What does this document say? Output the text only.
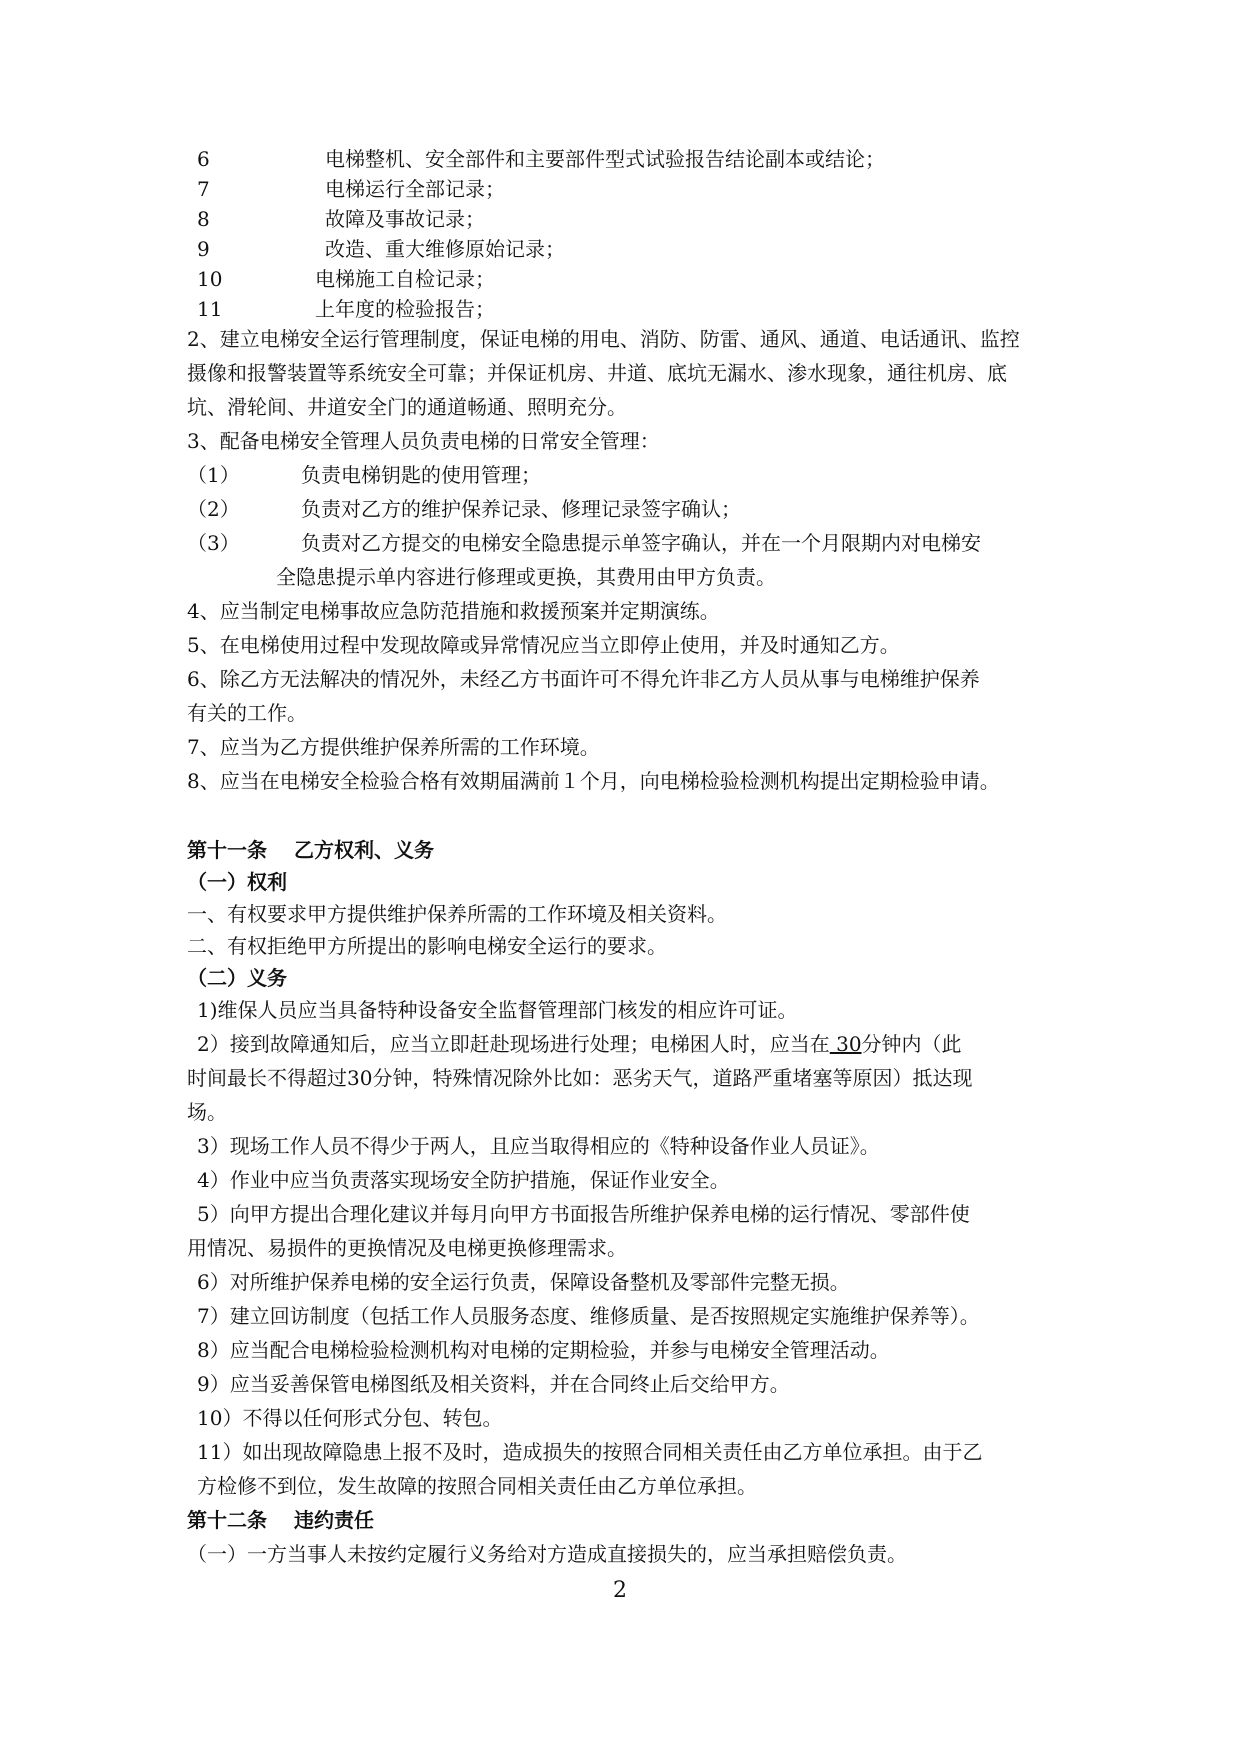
6	电梯整机、安全部件和主要部件型式试验报告结论副本或结论；
7	电梯运行全部记录；
8	故障及事故记录；
9	改造、重大维修原始记录；
10	电梯施工自检记录；
11	上年度的检验报告；
2、建立电梯安全运行管理制度，保证电梯的用电、消防、防雷、通风、通道、电话通讯、监控
摄像和报警装置等系统安全可靠；并保证机房、井道、底坑无漏水、渗水现象，通往机房、底
坑、滑轮间、井道安全门的通道畅通、照明充分。
3、配备电梯安全管理人员负责电梯的日常安全管理：
（1）	负责电梯钥匙的使用管理；
（2）	负责对乙方的维护保养记录、修理记录签字确认；
（3）	负责对乙方提交的电梯安全隐患提示单签字确认，并在一个月限期内对电梯安
全隐患提示单内容进行修理或更换，其费用由甲方负责。
4、应当制定电梯事故应急防范措施和救援预案并定期演练。
5、在电梯使用过程中发现故障或异常情况应当立即停止使用，并及时通知乙方。
6、除乙方无法解决的情况外，未经乙方书面许可不得允许非乙方人员从事与电梯维护保养
有关的工作。
7、应当为乙方提供维护保养所需的工作环境。
8、应当在电梯安全检验合格有效期届满前１个月，向电梯检验检测机构提出定期检验申请。
第十一条　 乙方权利、义务
（一）权利
一、有权要求甲方提供维护保养所需的工作环境及相关资料。
二、有权拒绝甲方所提出的影响电梯安全运行的要求。
（二）义务
1)维保人员应当具备特种设备安全监督管理部门核发的相应许可证。
2）接到故障通知后，应当立即赶赴现场进行处理；电梯困人时，应当在 30分钟内（此
时间最长不得超过30分钟，特殊情况除外比如：恶劣天气，道路严重堵塞等原因）抵达现
场。
3）现场工作人员不得少于两人，且应当取得相应的《特种设备作业人员证》。
4）作业中应当负责落实现场安全防护措施，保证作业安全。
5）向甲方提出合理化建议并每月向甲方书面报告所维护保养电梯的运行情况、零部件使
用情况、易损件的更换情况及电梯更换修理需求。
6）对所维护保养电梯的安全运行负责，保障设备整机及零部件完整无损。
7）建立回访制度（包括工作人员服务态度、维修质量、是否按照规定实施维护保养等）。
8）应当配合电梯检验检测机构对电梯的定期检验，并参与电梯安全管理活动。
9）应当妥善保管电梯图纸及相关资料，并在合同终止后交给甲方。
10）不得以任何形式分包、转包。
11）如出现故障隐患上报不及时，造成损失的按照合同相关责任由乙方单位承担。由于乙
方检修不到位，发生故障的按照合同相关责任由乙方单位承担。
第十二条　 违约责任
（一）一方当事人未按约定履行义务给对方造成直接损失的，应当承担赔偿负责。
2
